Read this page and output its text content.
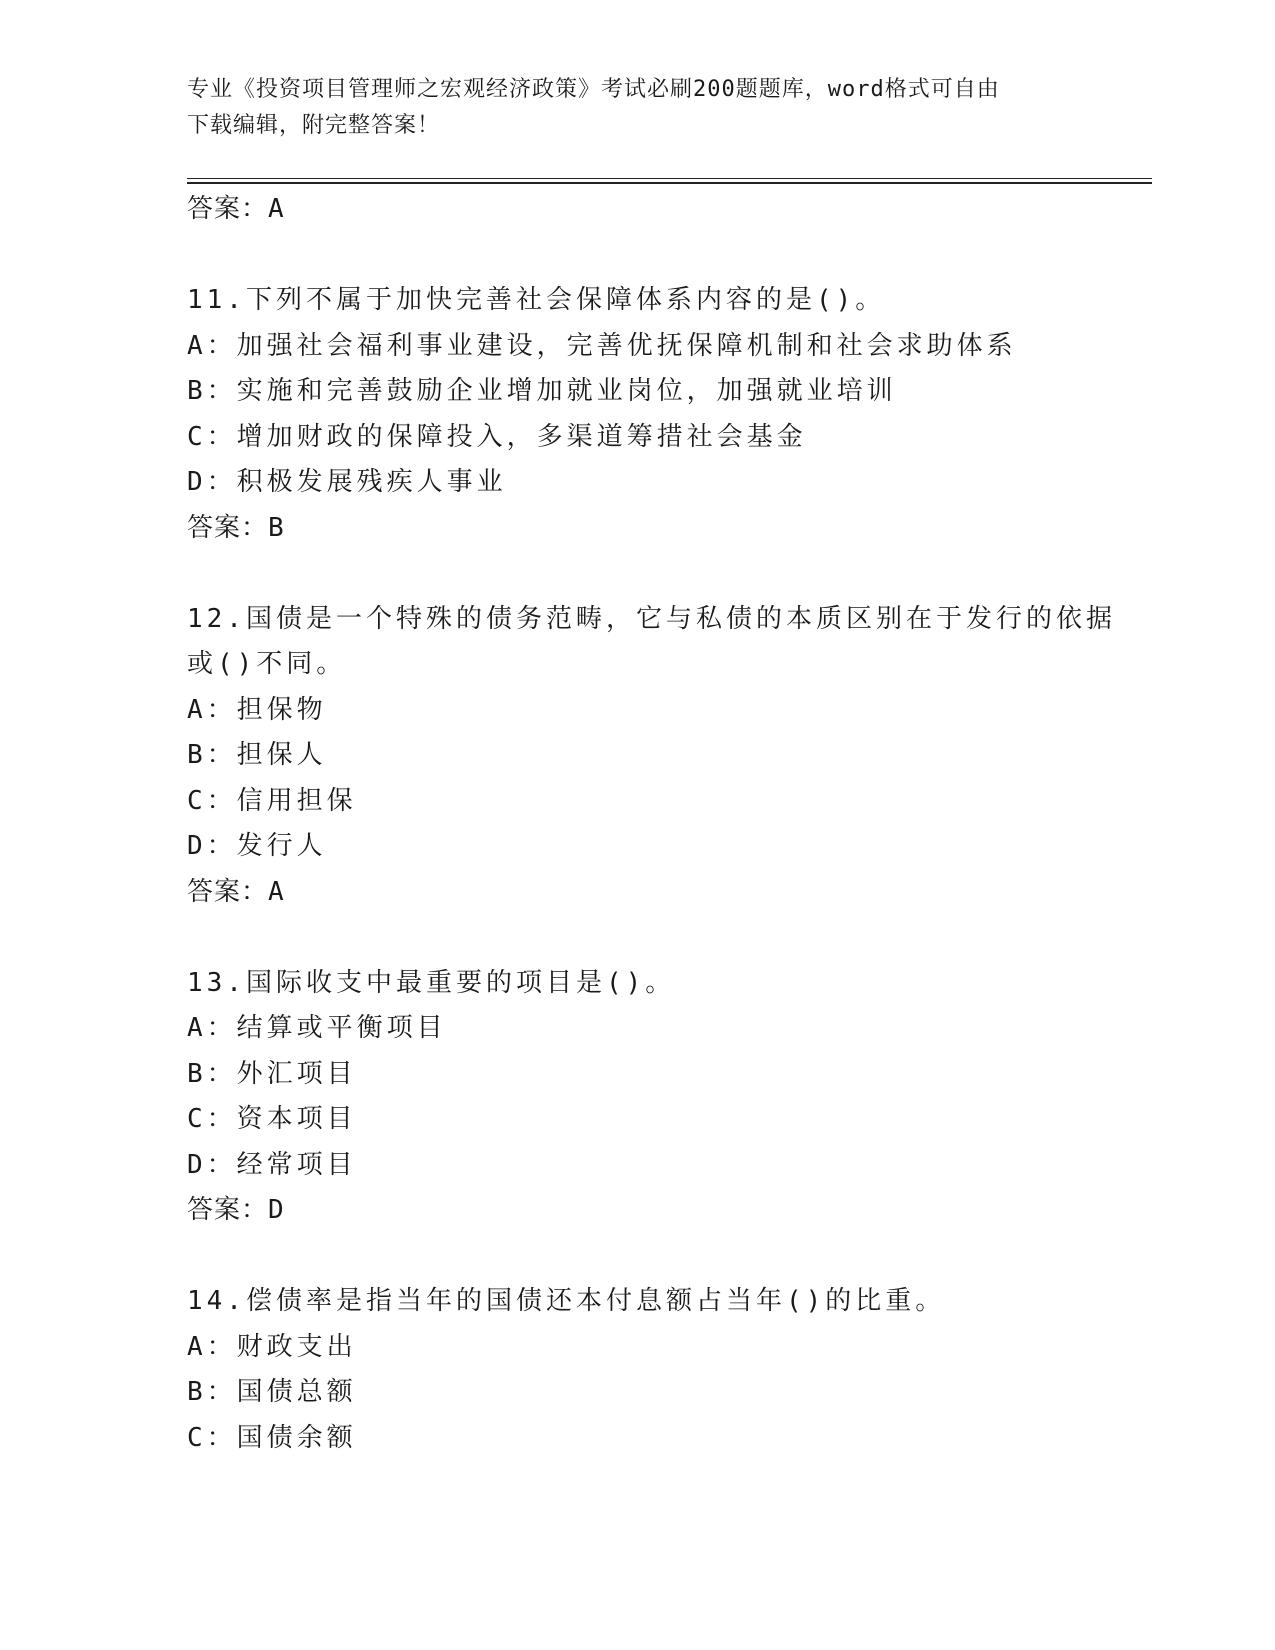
专业《投资项目管理师之宏观经济政策》考试必刷200题题库，word格式可自由
下载编辑，附完整答案！
答案：A
11.下列不属于加快完善社会保障体系内容的是()。
A：加强社会福利事业建设，完善优抚保障机制和社会求助体系
B：实施和完善鼓励企业增加就业岗位，加强就业培训
C：增加财政的保障投入，多渠道筹措社会基金
D：积极发展残疾人事业
答案：B
12.国债是一个特殊的债务范畴，它与私债的本质区别在于发行的依据
或()不同。
A：担保物
B：担保人
C：信用担保
D：发行人
答案：A
13.国际收支中最重要的项目是()。
A：结算或平衡项目
B：外汇项目
C：资本项目
D：经常项目
答案：D
14.偿债率是指当年的国债还本付息额占当年()的比重。
A：财政支出
B：国债总额
C：国债余额
